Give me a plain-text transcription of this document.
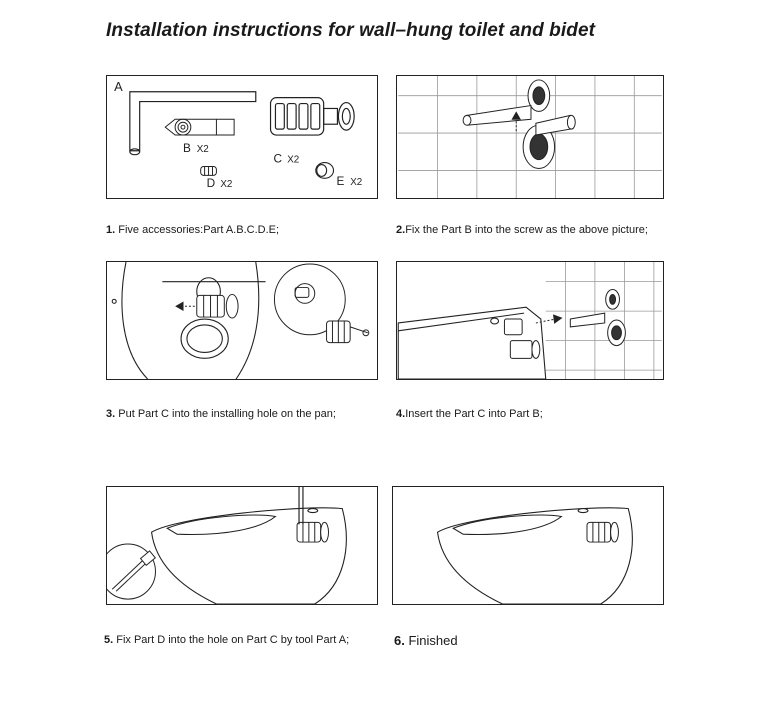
Installation instructions for wall–hung toilet and bidet
A
B X2
C X2
D X2	E X2
1. Five accessories:Part A.B.C.D.E;	2.Fix the Part B into the screw as the above picture;
3. Put Part C into the installing hole on the pan;	4.Insert the Part C into Part B;
5. Fix Part D into the hole on Part C by tool Part A;	6. Finished
